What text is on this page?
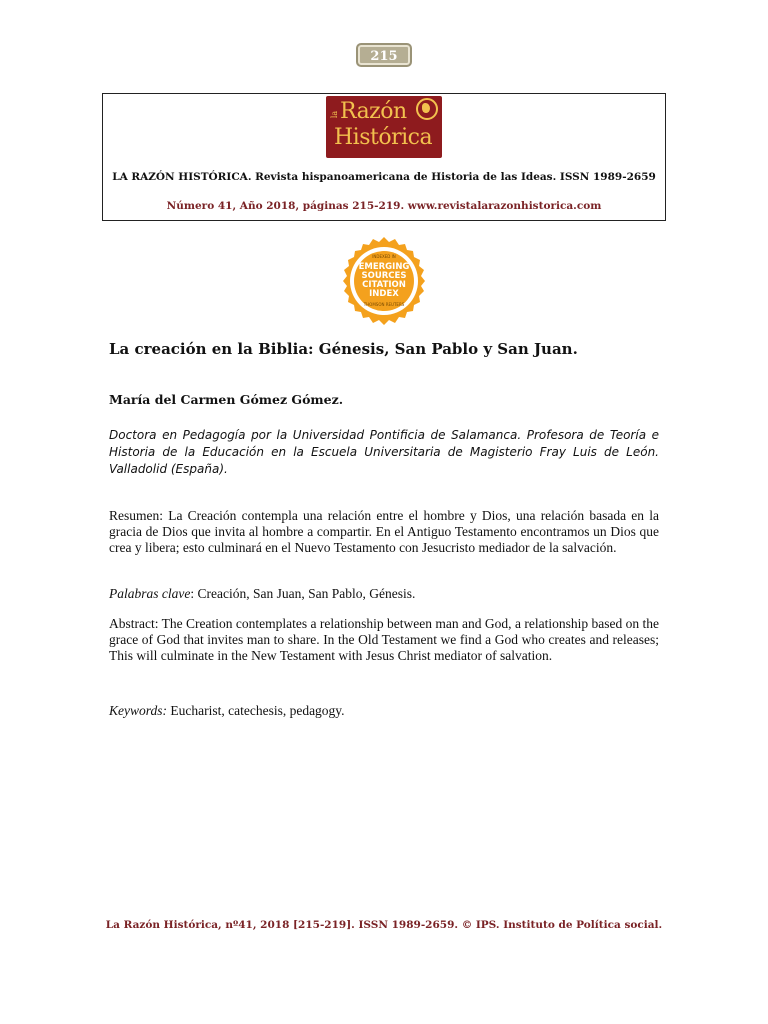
215
la Razón
Histórica
LA RAZÓN HISTÓRICA. Revista hispanoamericana de Historia de las Ideas. ISSN 1989-2659
Número 41, Año 2018, páginas 215-219. www.revistalarazonhistorica.com
INDEXED IN
EMERGING
SOURCES
CITATION
INDEX
THOMSON REUTERS
La creación en la Biblia: Génesis, San Pablo y San Juan.
María del Carmen Gómez Gómez.
Doctora en Pedagogía por la Universidad Pontificia de Salamanca. Profesora de Teoría e Historia de la Educación en la Escuela Universitaria de Magisterio Fray Luis de León. Valladolid (España).
Resumen: La Creación contempla una relación entre el hombre y Dios, una relación basada en la gracia de Dios que invita al hombre a compartir. En el Antiguo Testamento encontramos un Dios que crea y libera; esto culminará en el Nuevo Testamento con Jesucristo mediador de la salvación.
Palabras clave: Creación, San Juan, San Pablo, Génesis.
Abstract: The Creation contemplates a relationship between man and God, a relationship based on the grace of God that invites man to share. In the Old Testament we find a God who creates and releases; This will culminate in the New Testament with Jesus Christ mediator of salvation.
Keywords: Eucharist, catechesis, pedagogy.
La Razón Histórica, nº41, 2018 [215-219]. ISSN 1989-2659. © IPS. Instituto de Política social.
